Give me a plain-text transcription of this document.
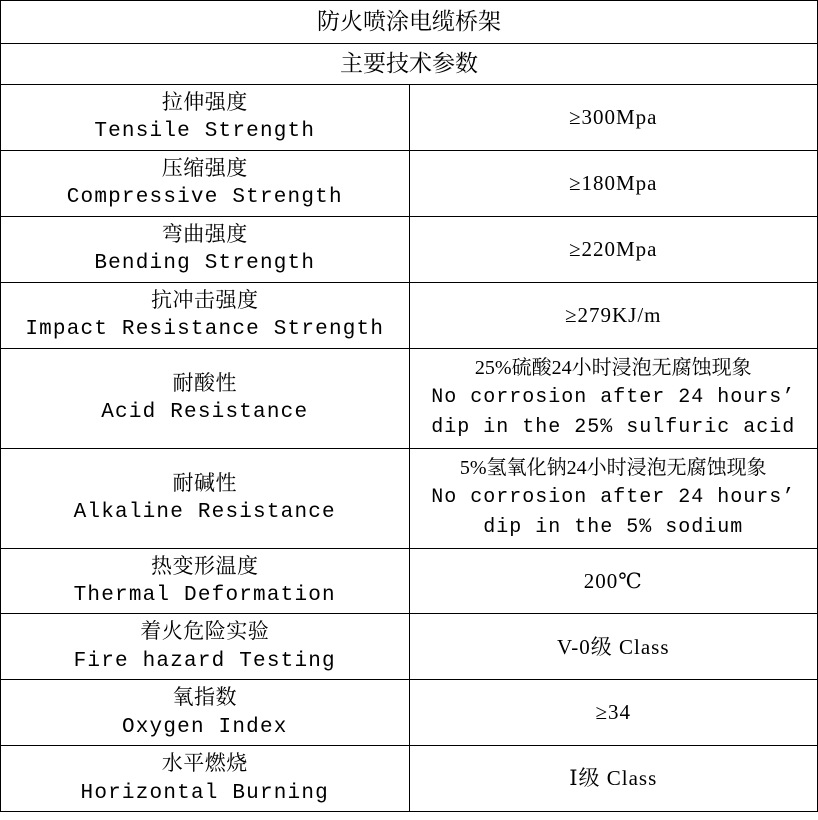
防火喷涂电缆桥架	
主要技术参数	

拉伸强度
Tensile Strength	≥300Mpa

压缩强度
Compressive Strength	≥180Mpa

弯曲强度
Bending Strength	≥220Mpa

抗冲击强度
Impact Resistance Strength	≥279KJ/m

耐酸性
Acid Resistance	25%硫酸24小时浸泡无腐蚀现象
No corrosion after 24 hours’
dip in the 25% sulfuric acid

耐碱性
Alkaline Resistance	5%氢氧化钠24小时浸泡无腐蚀现象
No corrosion after 24 hours’
dip in the 5% sodium

热变形温度
Thermal Deformation	200℃

着火危险实验
Fire hazard Testing	V-0级 Class

氧指数
Oxygen Index	≥34

水平燃烧
Horizontal Burning	Ⅰ级 Class
